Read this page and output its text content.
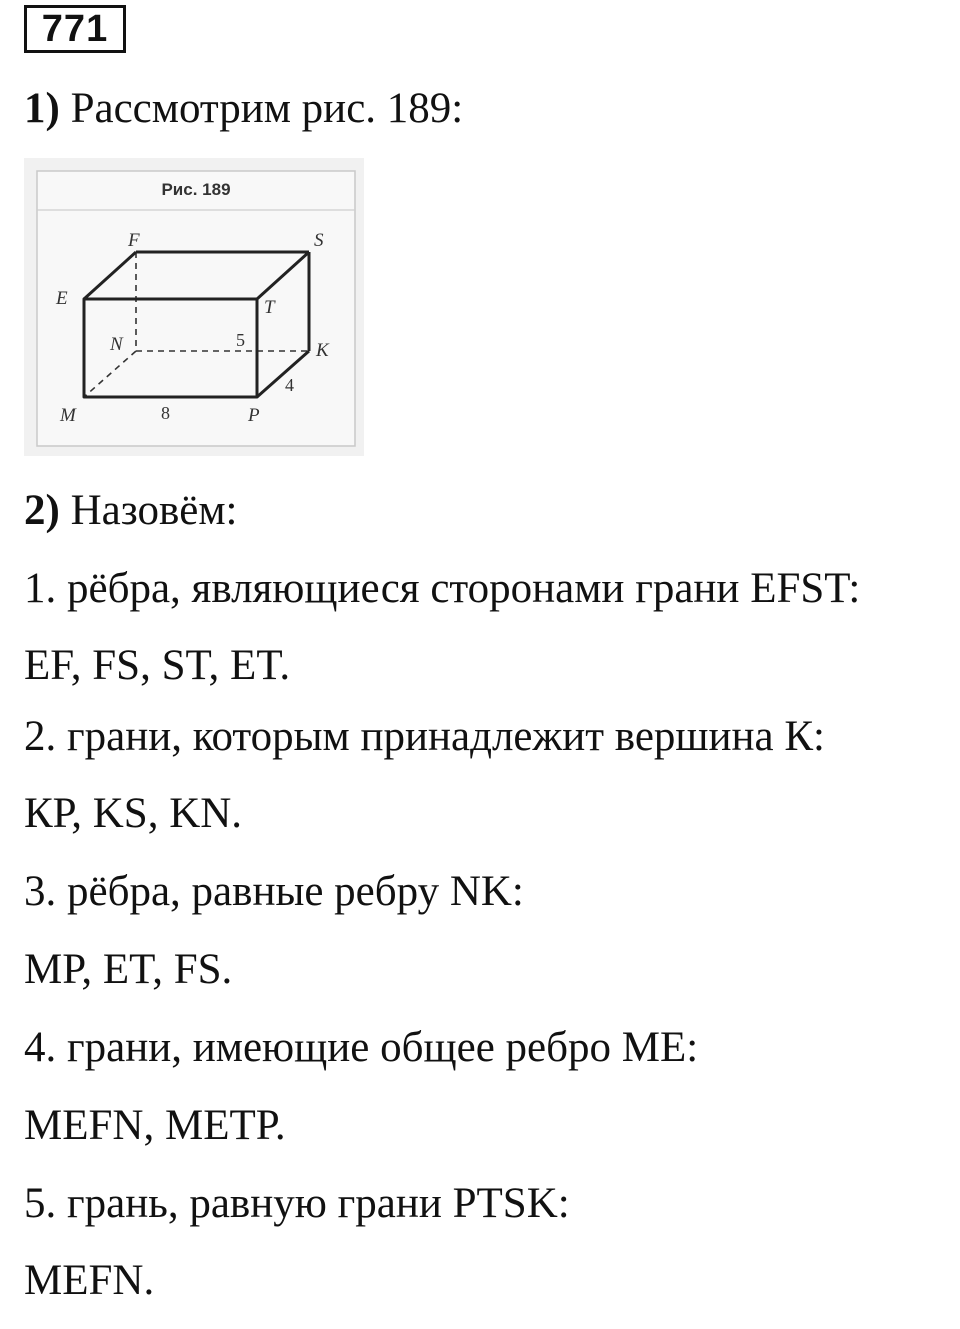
771
1) Рассмотрим рис. 189:
Рис. 189
F	S
E	T
N	K
M	P
5
4
8
2) Назовём:
1. рёбра, являющиеся сторонами грани EFST:
EF, FS, ST, ET.
2. грани, которым принадлежит вершина К:
КР, KS, KN.
3. рёбра, равные ребру NK:
MP, ET, FS.
4. грани, имеющие общее ребро ME:
MEFN, METP.
5. грань, равную грани PTSK:
MEFN.
